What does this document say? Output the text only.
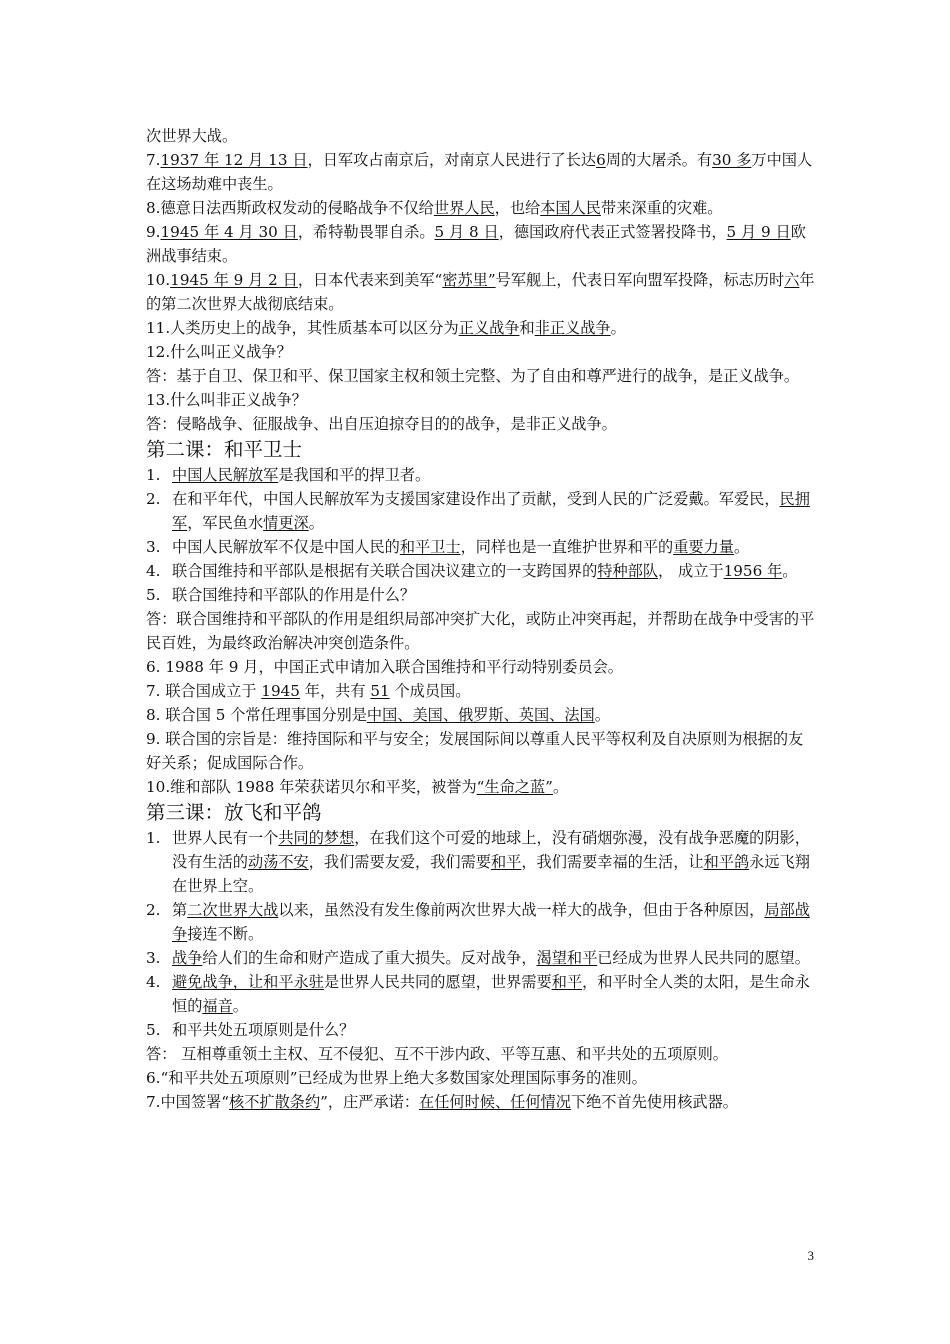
次世界大战。
7.1937 年 12 月 13 日，日军攻占南京后，对南京人民进行了长达6周的大屠杀。有30 多万中国人在这场劫难中丧生。
8.德意日法西斯政权发动的侵略战争不仅给世界人民，也给本国人民带来深重的灾难。
9.1945 年 4 月 30 日，希特勒畏罪自杀。5 月 8 日，德国政府代表正式签署投降书，5 月 9 日欧洲战事结束。
10.1945 年 9 月 2 日，日本代表来到美军“密苏里”号军舰上，代表日军向盟军投降，标志历时六年的第二次世界大战彻底结束。
11.人类历史上的战争，其性质基本可以区分为正义战争和非正义战争。
12.什么叫正义战争？
答：基于自卫、保卫和平、保卫国家主权和领土完整、为了自由和尊严进行的战争，是正义战争。
13.什么叫非正义战争？
答：侵略战争、征服战争、出自压迫掠夺目的的战争，是非正义战争。
第二课：和平卫士
1. 中国人民解放军是我国和平的捍卫者。
2. 在和平年代，中国人民解放军为支援国家建设作出了贡献，受到人民的广泛爱戴。军爱民，民拥军，军民鱼水情更深。
3. 中国人民解放军不仅是中国人民的和平卫士，同样也是一直维护世界和平的重要力量。
4. 联合国维持和平部队是根据有关联合国决议建立的一支跨国界的特种部队， 成立于1956 年。
5. 联合国维持和平部队的作用是什么？
答：联合国维持和平部队的作用是组织局部冲突扩大化，或防止冲突再起，并帮助在战争中受害的平民百姓，为最终政治解决冲突创造条件。
6. 1988 年 9 月，中国正式申请加入联合国维持和平行动特别委员会。
7. 联合国成立于 1945 年，共有 51 个成员国。
8. 联合国 5 个常任理事国分别是中国、美国、俄罗斯、英国、法国。
9. 联合国的宗旨是：维持国际和平与安全；发展国际间以尊重人民平等权利及自决原则为根据的友好关系；促成国际合作。
10.维和部队 1988 年荣获诺贝尔和平奖，被誉为“生命之蓝”。
第三课：放飞和平鸽
1. 世界人民有一个共同的梦想，在我们这个可爱的地球上，没有硝烟弥漫，没有战争恶魔的阴影，没有生活的动荡不安，我们需要友爱，我们需要和平，我们需要幸福的生活，让和平鸽永远飞翔在世界上空。
2. 第二次世界大战以来，虽然没有发生像前两次世界大战一样大的战争，但由于各种原因，局部战争接连不断。
3. 战争给人们的生命和财产造成了重大损失。反对战争，渴望和平已经成为世界人民共同的愿望。
4. 避免战争，让和平永驻是世界人民共同的愿望，世界需要和平，和平时全人类的太阳，是生命永恒的福音。
5. 和平共处五项原则是什么？
答： 互相尊重领土主权、互不侵犯、互不干涉内政、平等互惠、和平共处的五项原则。
6.“和平共处五项原则”已经成为世界上绝大多数国家处理国际事务的准则。
7.中国签署“核不扩散条约”，庄严承诺：在任何时候、任何情况下绝不首先使用核武器。
3
